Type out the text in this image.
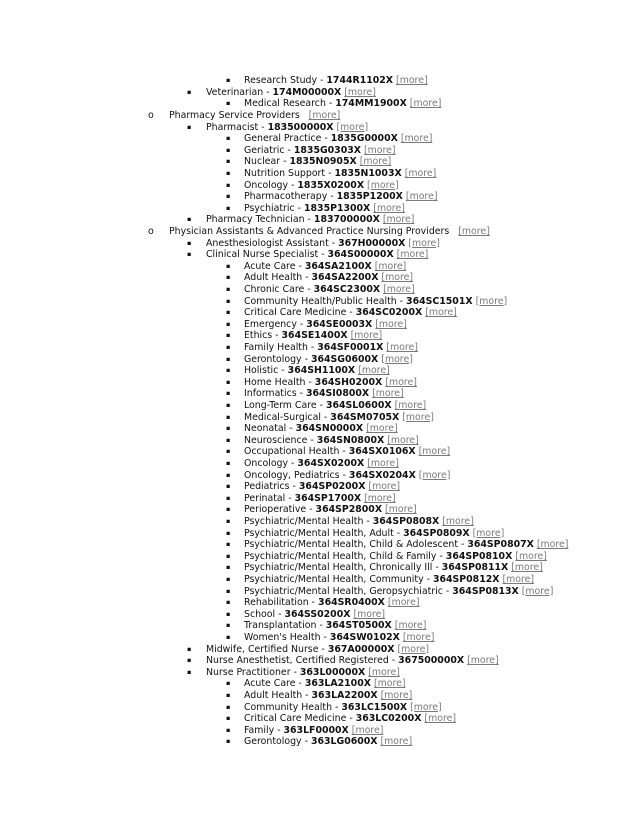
▪ Research Study - 1744R1102X [more]
▪ Veterinarian - 174M00000X [more]
▪ Medical Research - 174MM1900X [more]
o Pharmacy Service Providers [more]
▪ Pharmacist - 183500000X [more]
▪ General Practice - 1835G0000X [more]
▪ Geriatric - 1835G0303X [more]
▪ Nuclear - 1835N0905X [more]
▪ Nutrition Support - 1835N1003X [more]
▪ Oncology - 1835X0200X [more]
▪ Pharmacotherapy - 1835P1200X [more]
▪ Psychiatric - 1835P1300X [more]
▪ Pharmacy Technician - 183700000X [more]
o Physician Assistants & Advanced Practice Nursing Providers [more]
▪ Anesthesiologist Assistant - 367H00000X [more]
▪ Clinical Nurse Specialist - 364S00000X [more]
▪ Acute Care - 364SA2100X [more]
▪ Adult Health - 364SA2200X [more]
▪ Chronic Care - 364SC2300X [more]
▪ Community Health/Public Health - 364SC1501X [more]
▪ Critical Care Medicine - 364SC0200X [more]
▪ Emergency - 364SE0003X [more]
▪ Ethics - 364SE1400X [more]
▪ Family Health - 364SF0001X [more]
▪ Gerontology - 364SG0600X [more]
▪ Holistic - 364SH1100X [more]
▪ Home Health - 364SH0200X [more]
▪ Informatics - 364SI0800X [more]
▪ Long-Term Care - 364SL0600X [more]
▪ Medical-Surgical - 364SM0705X [more]
▪ Neonatal - 364SN0000X [more]
▪ Neuroscience - 364SN0800X [more]
▪ Occupational Health - 364SX0106X [more]
▪ Oncology - 364SX0200X [more]
▪ Oncology, Pediatrics - 364SX0204X [more]
▪ Pediatrics - 364SP0200X [more]
▪ Perinatal - 364SP1700X [more]
▪ Perioperative - 364SP2800X [more]
▪ Psychiatric/Mental Health - 364SP0808X [more]
▪ Psychiatric/Mental Health, Adult - 364SP0809X [more]
▪ Psychiatric/Mental Health, Child & Adolescent - 364SP0807X [more]
▪ Psychiatric/Mental Health, Child & Family - 364SP0810X [more]
▪ Psychiatric/Mental Health, Chronically Ill - 364SP0811X [more]
▪ Psychiatric/Mental Health, Community - 364SP0812X [more]
▪ Psychiatric/Mental Health, Geropsychiatric - 364SP0813X [more]
▪ Rehabilitation - 364SR0400X [more]
▪ School - 364SS0200X [more]
▪ Transplantation - 364ST0500X [more]
▪ Women's Health - 364SW0102X [more]
▪ Midwife, Certified Nurse - 367A00000X [more]
▪ Nurse Anesthetist, Certified Registered - 367500000X [more]
▪ Nurse Practitioner - 363L00000X [more]
▪ Acute Care - 363LA2100X [more]
▪ Adult Health - 363LA2200X [more]
▪ Community Health - 363LC1500X [more]
▪ Critical Care Medicine - 363LC0200X [more]
▪ Family - 363LF0000X [more]
▪ Gerontology - 363LG0600X [more]
